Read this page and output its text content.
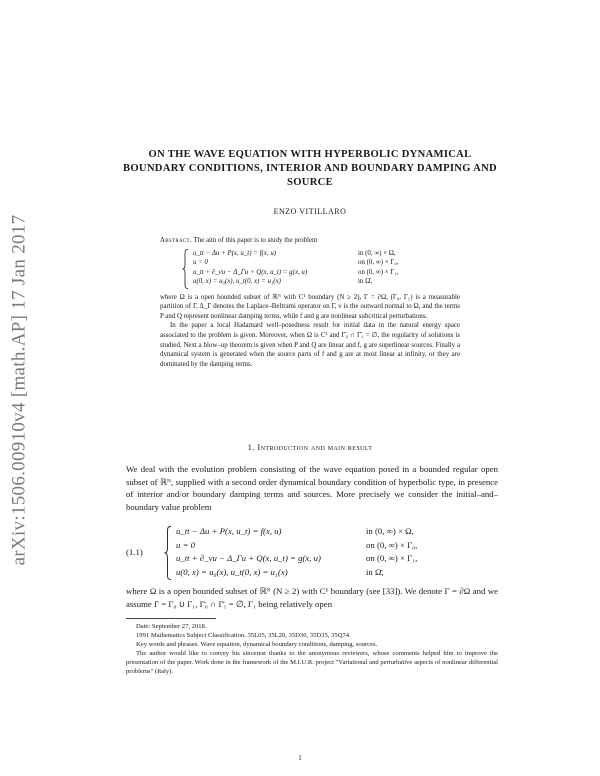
arXiv:1506.00910v4 [math.AP] 17 Jan 2017
ON THE WAVE EQUATION WITH HYPERBOLIC DYNAMICAL BOUNDARY CONDITIONS, INTERIOR AND BOUNDARY DAMPING AND SOURCE
ENZO VITILLARO

Abstract. The aim of this paper is to study the problem

u_tt − Δu + P(x, u_t) = f(x, u)	in (0, ∞) × Ω,
u = 0	on (0, ∞) × Γ₀,
u_tt + ∂_νu − Δ_Γu + Q(x, u_t) = g(x, u)	on (0, ∞) × Γ₁,
u(0, x) = u₀(x), u_t(0, x) = u₁(x)	in Ω̄,

where Ω is a open bounded subset of ℝᴺ with C¹ boundary (N ≥ 2), Γ = ∂Ω, (Γ₀, Γ₁) is a measurable partition of Γ, Δ_Γ denotes the Laplace–Beltrami operator on Γ, ν is the outward normal to Ω, and the terms P and Q represent nonlinear damping terms, while f and g are nonlinear subcritical perturbations.

In the paper a local Hadamard well–posedness result for initial data in the natural energy space associated to the problem is given. Moreover, when Ω is C² and Γ̄₀ ∩ Γ̄₁ = ∅, the regularity of solutions is studied. Next a blow–up theorem is given when P and Q are linear and f, g are superlinear sources. Finally a dynamical system is generated when the source parts of f and g are at most linear at infinity, or they are dominated by the damping terms.

1. Introduction and main result

We deal with the evolution problem consisting of the wave equation posed in a bounded regular open subset of ℝᴺ, supplied with a second order dynamical boundary condition of hyperbolic type, in presence of interior and/or boundary damping terms and sources. More precisely we consider the initial–and–boundary value problem

(1.1)
u_tt − Δu + P(x, u_t) = f(x, u)	in (0, ∞) × Ω,
u = 0	on (0, ∞) × Γ₀,
u_tt + ∂_νu − Δ_Γu + Q(x, u_t) = g(x, u)	on (0, ∞) × Γ₁,
u(0, x) = u₀(x), u_t(0, x) = u₁(x)	in Ω̄,

where Ω is a open bounded subset of ℝᴺ (N ≥ 2) with C¹ boundary (see [33]). We denote Γ = ∂Ω and we assume Γ = Γ₀ ∪ Γ₁, Γ̄₀ ∩ Γ̄₁ = ∅, Γ₁ being relatively open

Date: September 27, 2018.

1991 Mathematics Subject Classification. 35L05, 35L20, 35D30, 35D35, 35Q74.

Key words and phrases. Wave equation, dynamical boundary conditions, damping, sources.

The author would like to convey his sincerest thanks to the anonymous reviewers, whose comments helped him to improve the presentation of the paper. Work done in the framework of the M.I.U.R. project "Variational and perturbative aspects of nonlinear differential problems" (Italy).

1
